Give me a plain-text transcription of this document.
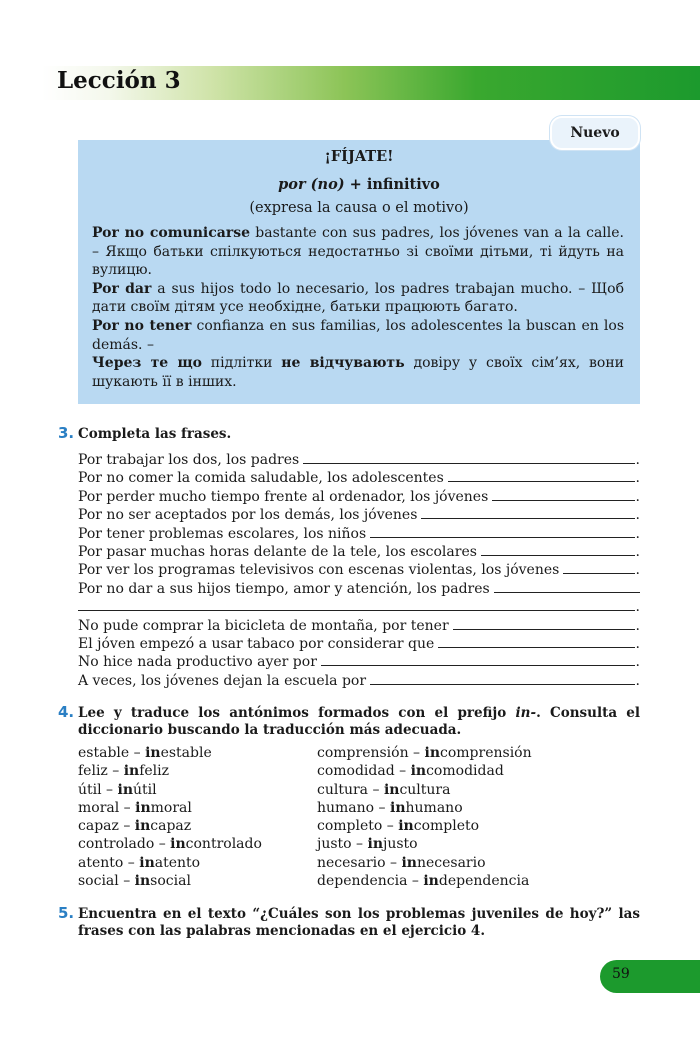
Lección 3
Nuevo
¡FÍJATE!
por (no) + infinitivo
(expresa la causa o el motivo)

Por no comunicarse bastante con sus padres, los jóvenes van a la calle. – Якщо батьки спілкуються недостатньо зі своїми дітьми, ті йдуть на вулицю.

Por dar a sus hijos todo lo necesario, los padres trabajan mucho. – Щоб дати своїм дітям усе необхідне, батьки працюють багато.

Por no tener confianza en sus familias, los adolescentes la buscan en los demás. –

Через те що підлітки не відчувають довіру у своїх сім’ях, вони шукають її в інших.

3. Completa las frases.
Por trabajar los dos, los padres	.
Por no comer la comida saludable, los adolescentes	.
Por perder mucho tiempo frente al ordenador, los jóvenes	.
Por no ser aceptados por los demás, los jóvenes	.
Por tener problemas escolares, los niños	.
Por pasar muchas horas delante de la tele, los escolares	.
Por ver los programas televisivos con escenas violentas, los jóvenes	.
Por no dar a sus hijos tiempo, amor y atención, los padres
.
No pude comprar la bicicleta de montaña, por tener	.
El jóven empezó a usar tabaco por considerar que	.
No hice nada productivo ayer por	.
A veces, los jóvenes dejan la escuela por	.
4. Lee y traduce los antónimos formados con el prefijo in-. Consulta el diccionario buscando la traducción más adecuada.
estable – inestable
feliz – infeliz
útil – inútil
moral – inmoral
capaz – incapaz
controlado – incontrolado
atento – inatento
social – insocial
comprensión – incomprensión
comodidad – incomodidad
cultura – incultura
humano – inhumano
completo – incompleto
justo – injusto
necesario – innecesario
dependencia – independencia
5. Encuentra en el texto “¿Cuáles son los problemas juveniles de hoy?” las frases con las palabras mencionadas en el ejercicio 4.
59
